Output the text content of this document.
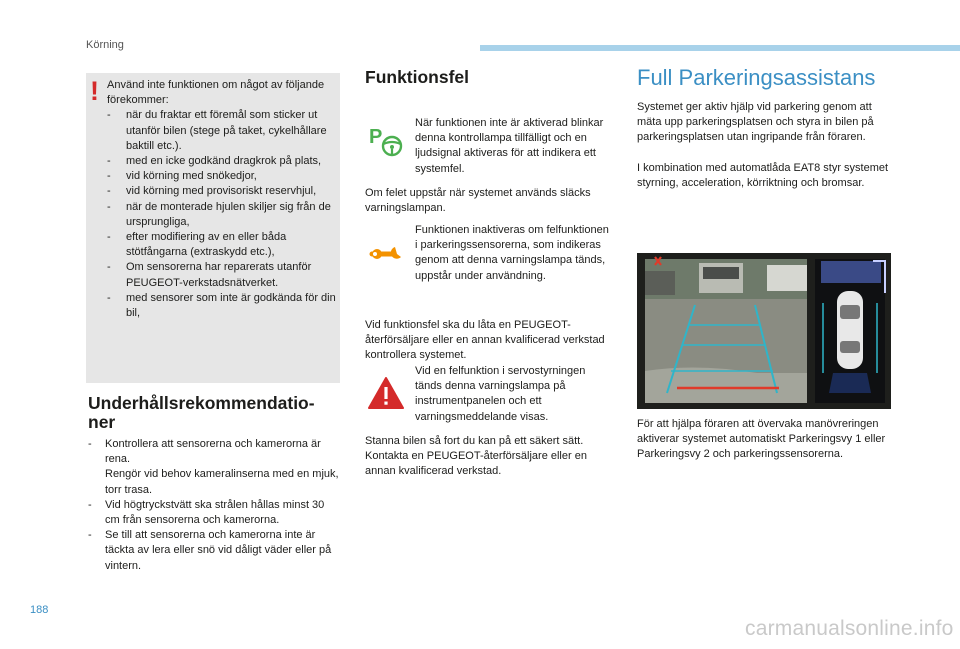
Körning
! Använd inte funktionen om något av följande förekommer:
- när du fraktar ett föremål som sticker ut utanför bilen (stege på taket, cykelhållare baktill etc.).
- med en icke godkänd dragkrok på plats,
- vid körning med snökedjor,
- vid körning med provisoriskt reservhjul,
- när de monterade hjulen skiljer sig från de ursprungliga,
- efter modifiering av en eller båda stötfångarna (extraskydd etc.),
- Om sensorerna har reparerats utanför PEUGEOT-verkstadsnätverket.
- med sensorer som inte är godkända för din bil,
Underhållsrekommendatio-ner
- Kontrollera att sensorerna och kamerorna är rena.
Rengör vid behov kameralinserna med en mjuk, torr trasa.
- Vid högtryckstvätt ska strålen hållas minst 30 cm från sensorerna och kamerorna.
- Se till att sensorerna och kamerorna inte är täckta av lera eller snö vid dåligt väder eller på vintern.
Funktionsfel
P
När funktionen inte är aktiverad blinkar denna kontrollampa tillfälligt och en ljudsignal aktiveras för att indikera ett systemfel.
Om felet uppstår när systemet används släcks varningslampan.
Funktionen inaktiveras om felfunktionen i parkeringssensorerna, som indikeras genom att denna varningslampa tänds, uppstår under användning.
Vid funktionsfel ska du låta en PEUGEOT-återförsäljare eller en annan kvalificerad verkstad kontrollera systemet.
Vid en felfunktion i servostyrningen tänds denna varningslampa på instrumentpanelen och ett varningsmeddelande visas.
Stanna bilen så fort du kan på ett säkert sätt. Kontakta en PEUGEOT-återförsäljare eller en annan kvalificerad verkstad.
Full Parkeringsassistans
Systemet ger aktiv hjälp vid parkering genom att mäta upp parkeringsplatsen och styra in bilen på parkeringsplatsen utan ingripande från föraren.
I kombination med automatlåda EAT8 styr systemet styrning, acceleration, körriktning och bromsar.
För att hjälpa föraren att övervaka manövreringen aktiverar systemet automatiskt Parkeringsvy 1 eller Parkeringsvy 2 och parkeringssensorerna.
188
carmanualsonline.info
